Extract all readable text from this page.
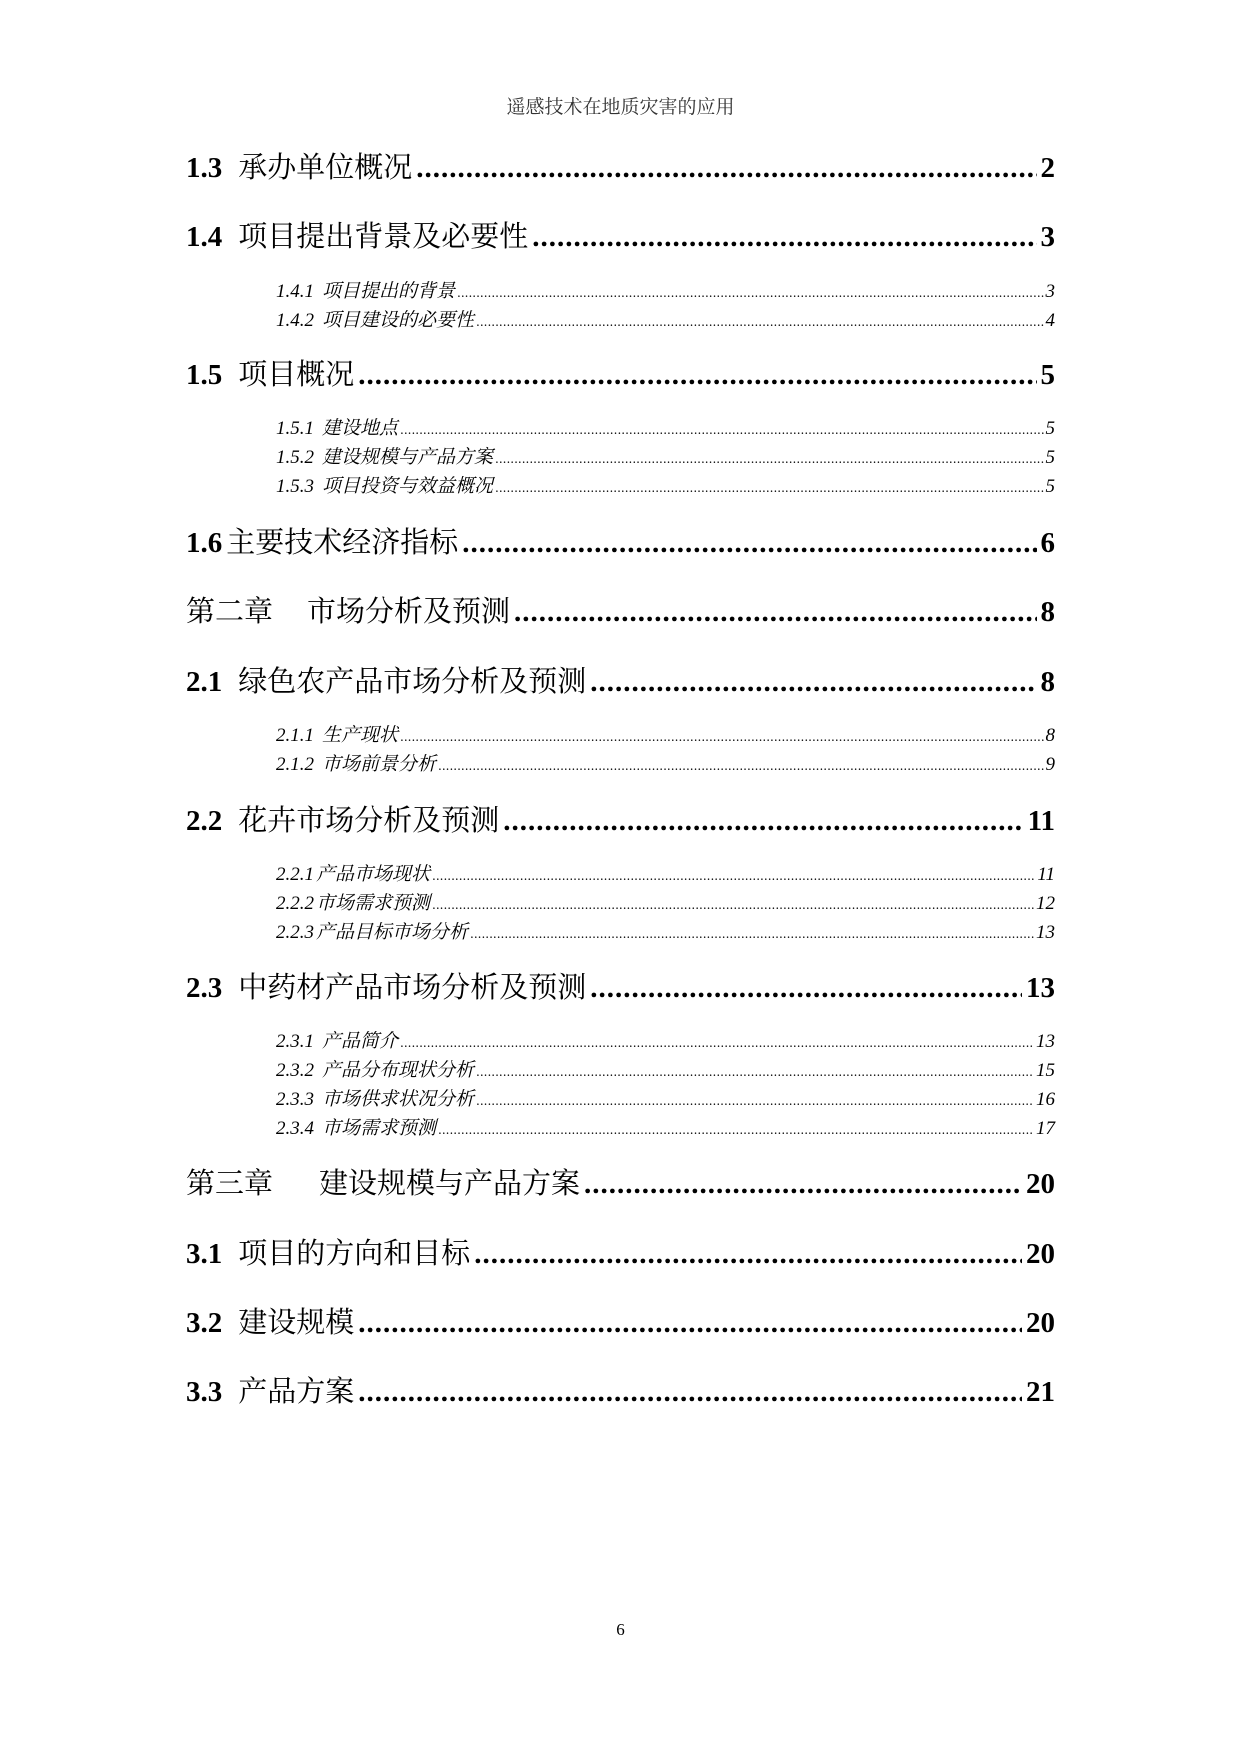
遥感技术在地质灾害的应用
1.3 承办单位概况 .....	2
1.4 项目提出背景及必要性 .....	3
1.4.1 项目提出的背景 .....	3
1.4.2 项目建设的必要性 .....	4
1.5 项目概况 .....	5
1.5.1 建设地点 .....	5
1.5.2 建设规模与产品方案 .....	5
1.5.3 项目投资与效益概况 .....	5
1.6 主要技术经济指标 .....	6
第二章 市场分析及预测 .....	8
2.1 绿色农产品市场分析及预测 .....	8
2.1.1 生产现状 .....	8
2.1.2 市场前景分析 .....	9
2.2 花卉市场分析及预测 .....	11
2.2.1 产品市场现状 .....	11
2.2.2 市场需求预测 .....	12
2.2.3 产品目标市场分析 .....	13
2.3 中药材产品市场分析及预测 .....	13
2.3.1 产品简介 .....	13
2.3.2 产品分布现状分析 .....	15
2.3.3 市场供求状况分析 .....	16
2.3.4 市场需求预测 .....	17
第三章 建设规模与产品方案 .....	20
3.1 项目的方向和目标 .....	20
3.2 建设规模 .....	20
3.3 产品方案 .....	21
6
